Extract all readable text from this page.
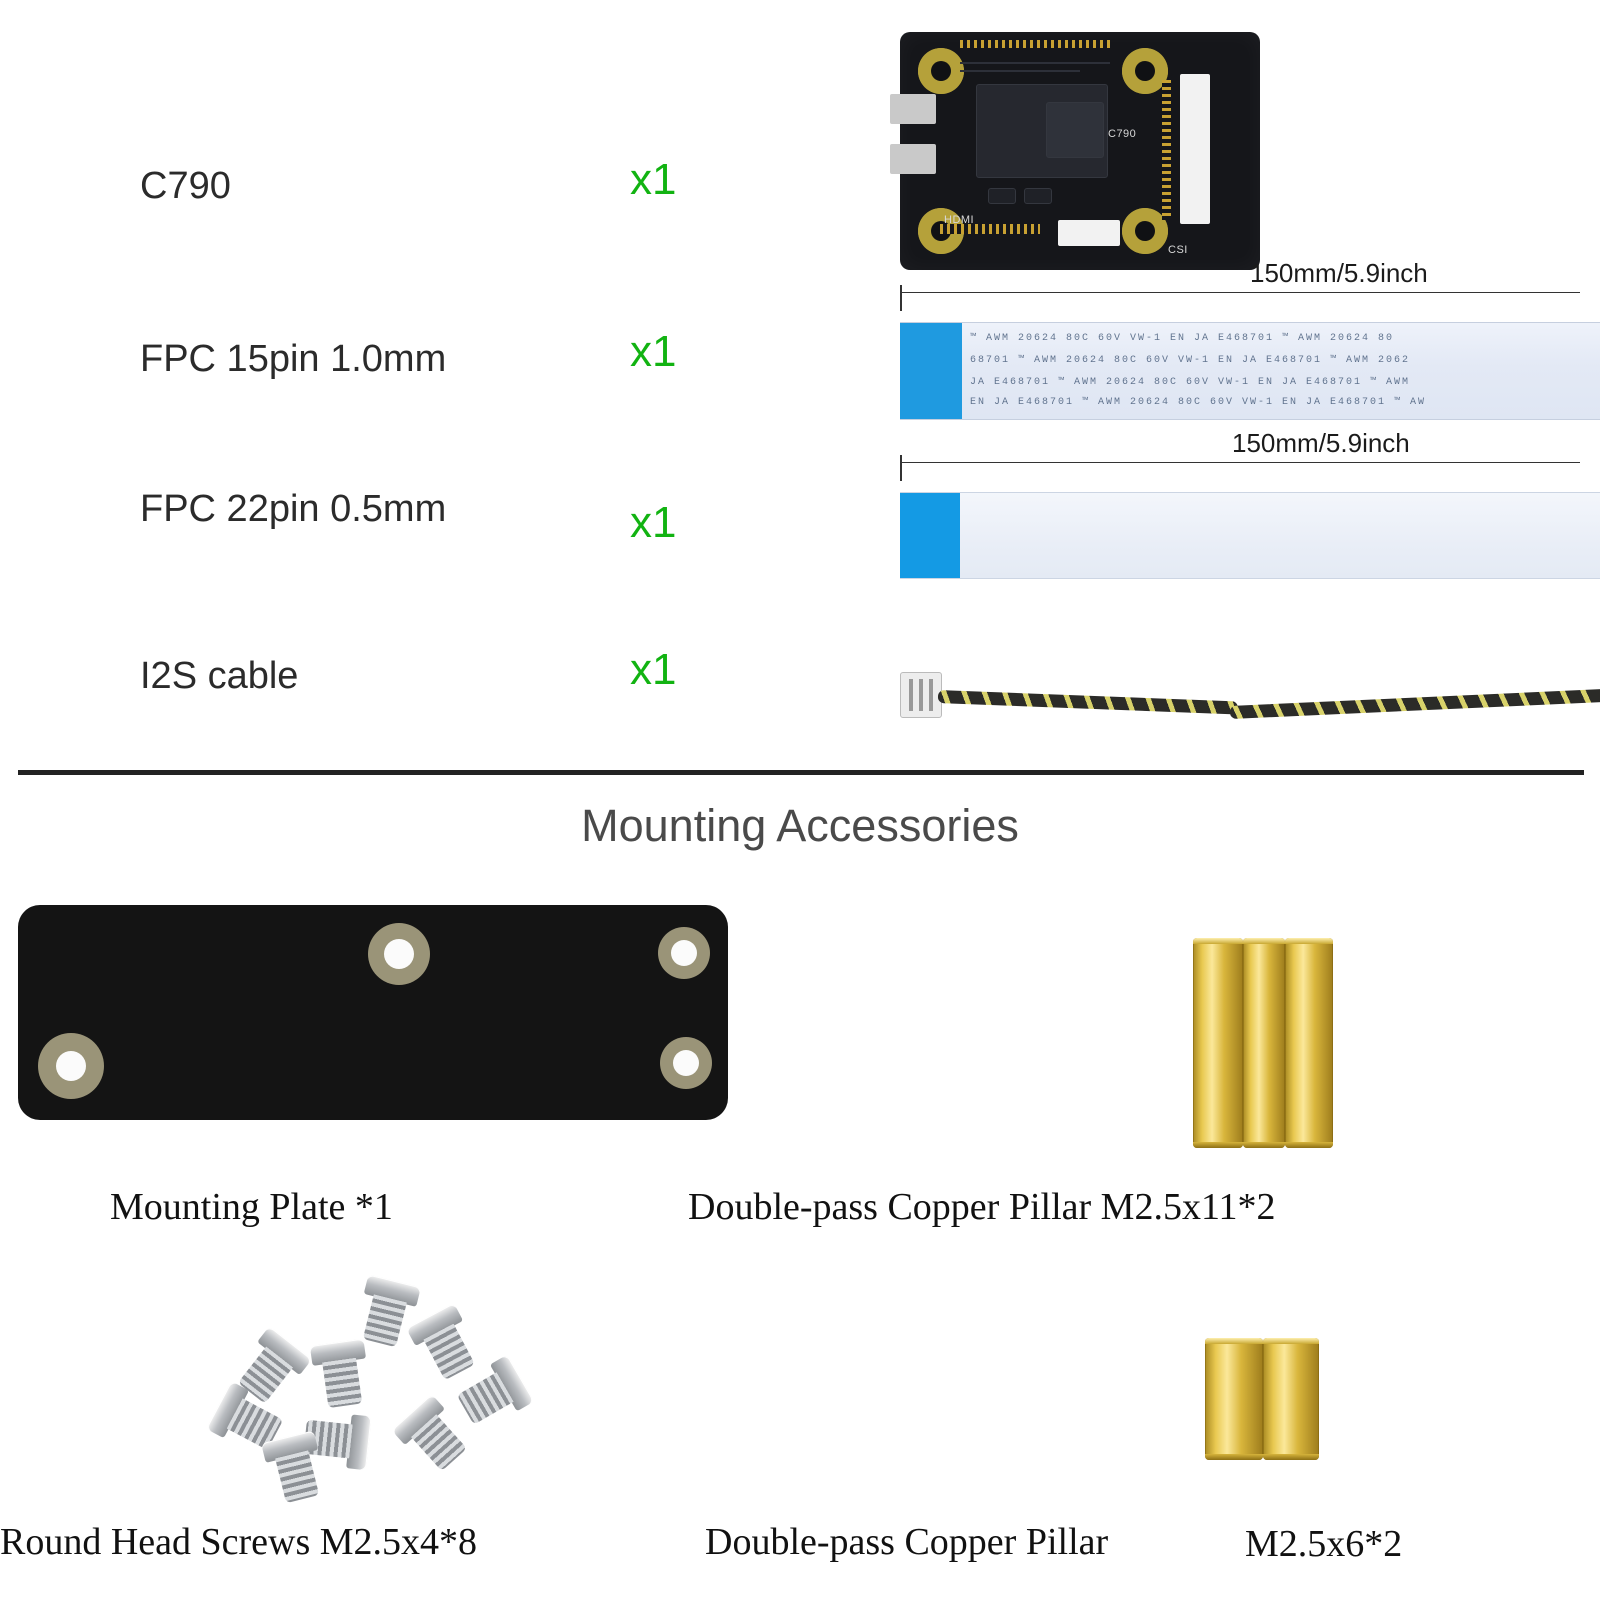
C790	x1
C790
HDMI
CSI
FPC 15pin 1.0mm	x1
150mm/5.9inch
™ AWM 20624 80C 60V VW-1 EN JA E468701 ™ AWM 20624 80
68701 ™ AWM 20624 80C 60V VW-1 EN JA E468701 ™ AWM 2062
JA E468701 ™ AWM 20624 80C 60V VW-1 EN JA E468701 ™ AWM
EN JA E468701 ™ AWM 20624 80C 60V VW-1 EN JA E468701 ™ AW
FPC 22pin 0.5mm	x1
150mm/5.9inch
I2S cable	x1
Mounting Accessories
Mounting Plate *1	Double-pass Copper Pillar M2.5x11*2
Round Head Screws M2.5x4*8	Double-pass Copper Pillar	M2.5x6*2
